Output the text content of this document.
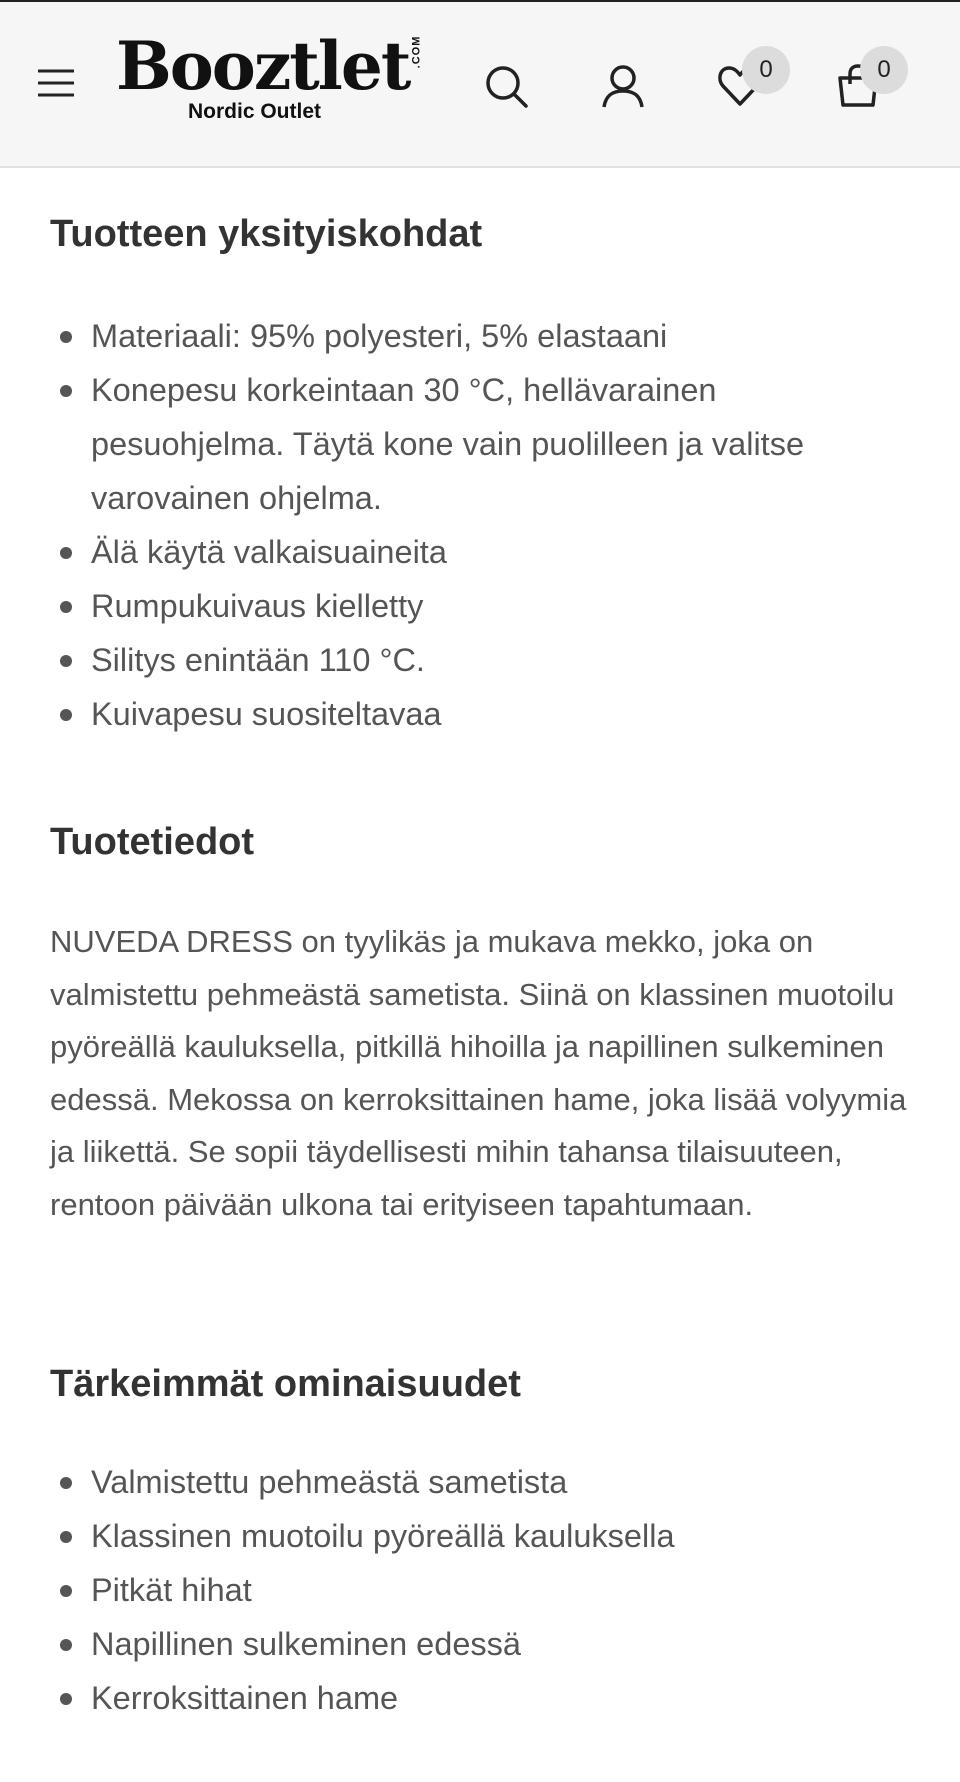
Booztlet .COM
Nordic Outlet
0	0
Tuotteen yksityiskohdat
Materiaali: 95% polyesteri, 5% elastaani
Konepesu korkeintaan 30 °C, hellävarainen pesuohjelma. Täytä kone vain puolilleen ja valitse varovainen ohjelma.
Älä käytä valkaisuaineita
Rumpukuivaus kielletty
Silitys enintään 110 °C.
Kuivapesu suositeltavaa
Tuotetiedot

NUVEDA DRESS on tyylikäs ja mukava mekko, joka on valmistettu pehmeästä sametista. Siinä on klassinen muotoilu pyöreällä kauluksella, pitkillä hihoilla ja napillinen sulkeminen edessä. Mekossa on kerroksittainen hame, joka lisää volyymia ja liikettä. Se sopii täydellisesti mihin tahansa tilaisuuteen, rentoon päivään ulkona tai erityiseen tapahtumaan.

Tärkeimmät ominaisuudet
Valmistettu pehmeästä sametista
Klassinen muotoilu pyöreällä kauluksella
Pitkät hihat
Napillinen sulkeminen edessä
Kerroksittainen hame
